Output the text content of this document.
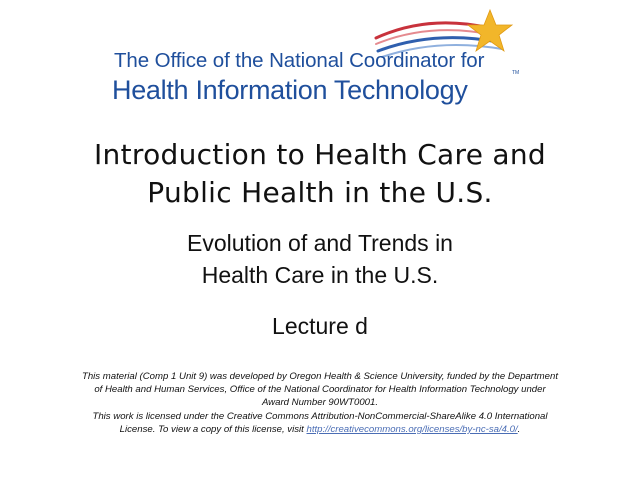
The Office of the National Coordinator for
Health Information Technology
TM
Introduction to Health Care and
Public Health in the U.S.
Evolution of and Trends in
Health Care in the U.S.
Lecture d
This material (Comp 1 Unit 9) was developed by Oregon Health & Science University, funded by the Department
of Health and Human Services, Office of the National Coordinator for Health Information Technology under
Award Number 90WT0001.
This work is licensed under the Creative Commons Attribution-NonCommercial-ShareAlike 4.0 International
License. To view a copy of this license, visit http://creativecommons.org/licenses/by-nc-sa/4.0/.
